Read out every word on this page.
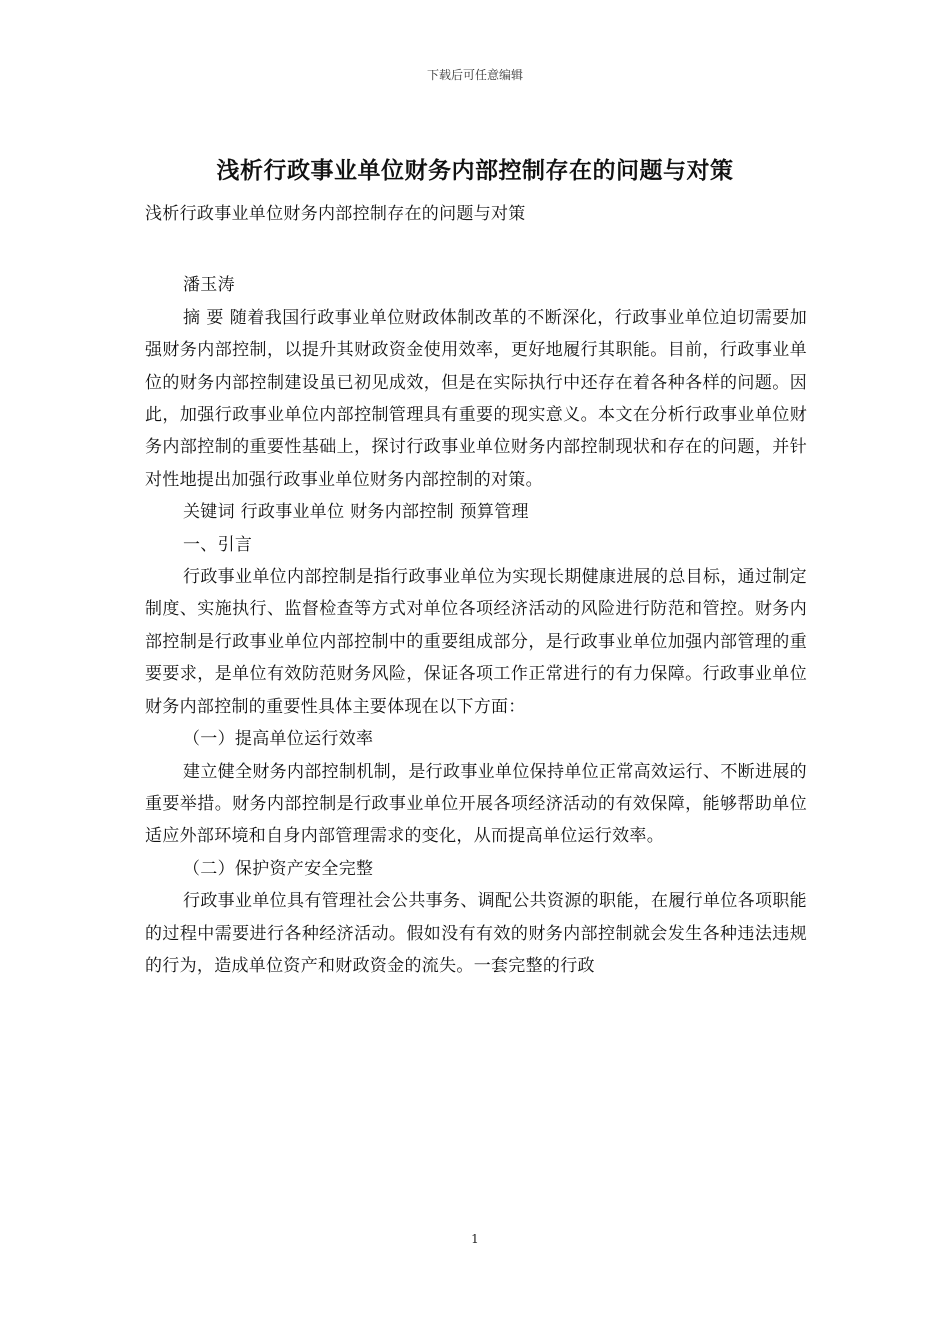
下载后可任意编辑
浅析行政事业单位财务内部控制存在的问题与对策

浅析行政事业单位财务内部控制存在的问题与对策

潘玉涛

摘 要 随着我国行政事业单位财政体制改革的不断深化，行政事业单位迫切需要加强财务内部控制，以提升其财政资金使用效率，更好地履行其职能。目前，行政事业单位的财务内部控制建设虽已初见成效，但是在实际执行中还存在着各种各样的问题。因此，加强行政事业单位内部控制管理具有重要的现实意义。本文在分析行政事业单位财务内部控制的重要性基础上，探讨行政事业单位财务内部控制现状和存在的问题，并针对性地提出加强行政事业单位财务内部控制的对策。

关键词 行政事业单位 财务内部控制 预算管理

一、引言

行政事业单位内部控制是指行政事业单位为实现长期健康进展的总目标，通过制定制度、实施执行、监督检查等方式对单位各项经济活动的风险进行防范和管控。财务内部控制是行政事业单位内部控制中的重要组成部分，是行政事业单位加强内部管理的重要要求，是单位有效防范财务风险，保证各项工作正常进行的有力保障。行政事业单位财务内部控制的重要性具体主要体现在以下方面：

（一）提高单位运行效率

建立健全财务内部控制机制，是行政事业单位保持单位正常高效运行、不断进展的重要举措。财务内部控制是行政事业单位开展各项经济活动的有效保障，能够帮助单位适应外部环境和自身内部管理需求的变化，从而提高单位运行效率。

（二）保护资产安全完整

行政事业单位具有管理社会公共事务、调配公共资源的职能，在履行单位各项职能的过程中需要进行各种经济活动。假如没有有效的财务内部控制就会发生各种违法违规的行为，造成单位资产和财政资金的流失。一套完整的行政

1
